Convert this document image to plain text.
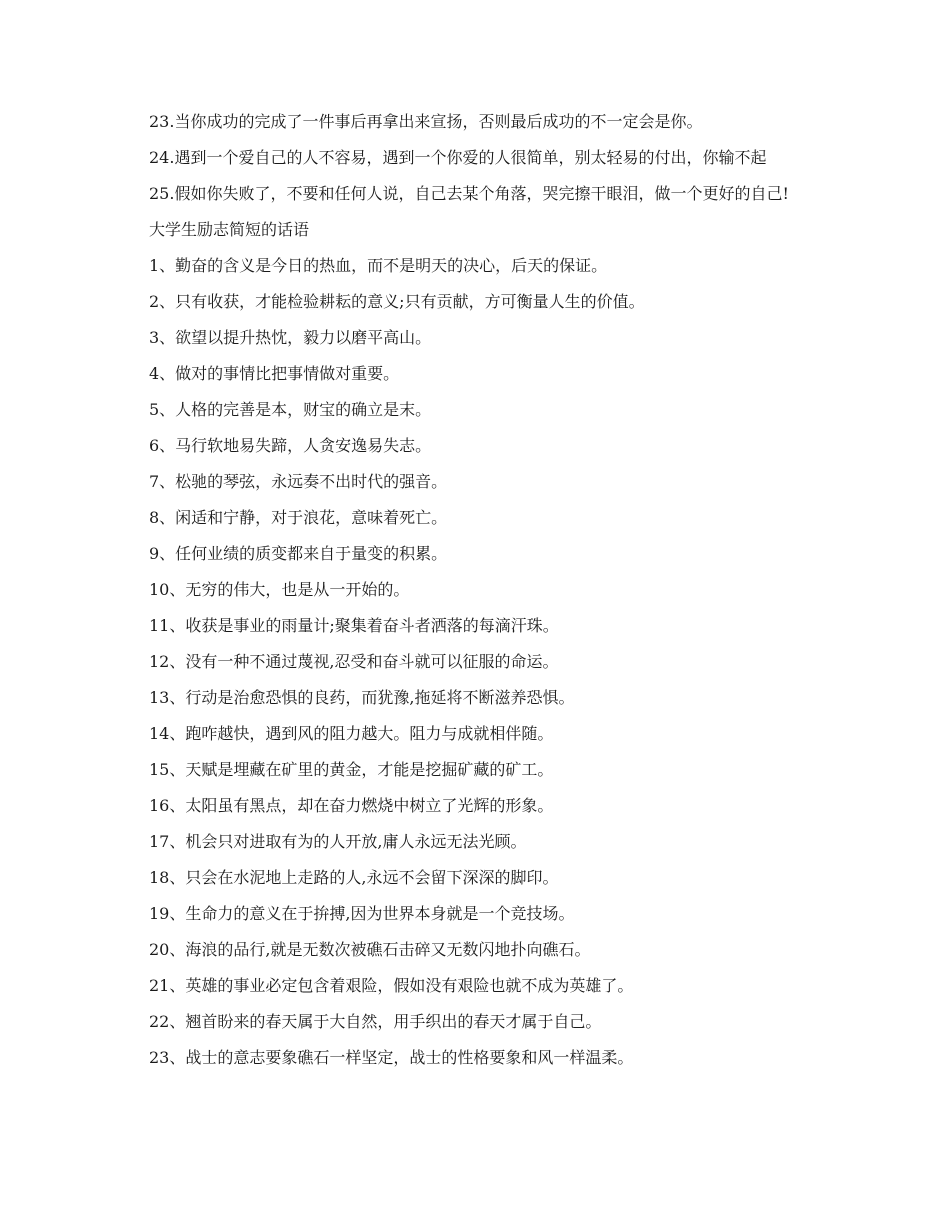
23.当你成功的完成了一件事后再拿出来宣扬，否则最后成功的不一定会是你。

24.遇到一个爱自己的人不容易，遇到一个你爱的人很简单，别太轻易的付出，你输不起

25.假如你失败了，不要和任何人说，自己去某个角落，哭完擦干眼泪，做一个更好的自己!

大学生励志简短的话语

1、勤奋的含义是今日的热血，而不是明天的决心，后天的保证。

2、只有收获，才能检验耕耘的意义;只有贡献，方可衡量人生的价值。

3、欲望以提升热忱，毅力以磨平高山。

4、做对的事情比把事情做对重要。

5、人格的完善是本，财宝的确立是末。

6、马行软地易失蹄，人贪安逸易失志。

7、松驰的琴弦，永远奏不出时代的强音。

8、闲适和宁静，对于浪花，意味着死亡。

9、任何业绩的质变都来自于量变的积累。

10、无穷的伟大，也是从一开始的。

11、收获是事业的雨量计;聚集着奋斗者洒落的每滴汗珠。

12、没有一种不通过蔑视,忍受和奋斗就可以征服的命运。

13、行动是治愈恐惧的良药，而犹豫,拖延将不断滋养恐惧。

14、跑咋越快，遇到风的阻力越大。阻力与成就相伴随。

15、天赋是埋藏在矿里的黄金，才能是挖掘矿藏的矿工。

16、太阳虽有黑点，却在奋力燃烧中树立了光辉的形象。

17、机会只对进取有为的人开放,庸人永远无法光顾。

18、只会在水泥地上走路的人,永远不会留下深深的脚印。

19、生命力的意义在于拚搏,因为世界本身就是一个竞技场。

20、海浪的品行,就是无数次被礁石击碎又无数闪地扑向礁石。

21、英雄的事业必定包含着艰险，假如没有艰险也就不成为英雄了。

22、翘首盼来的春天属于大自然，用手织出的春天才属于自己。

23、战士的意志要象礁石一样坚定，战士的性格要象和风一样温柔。
